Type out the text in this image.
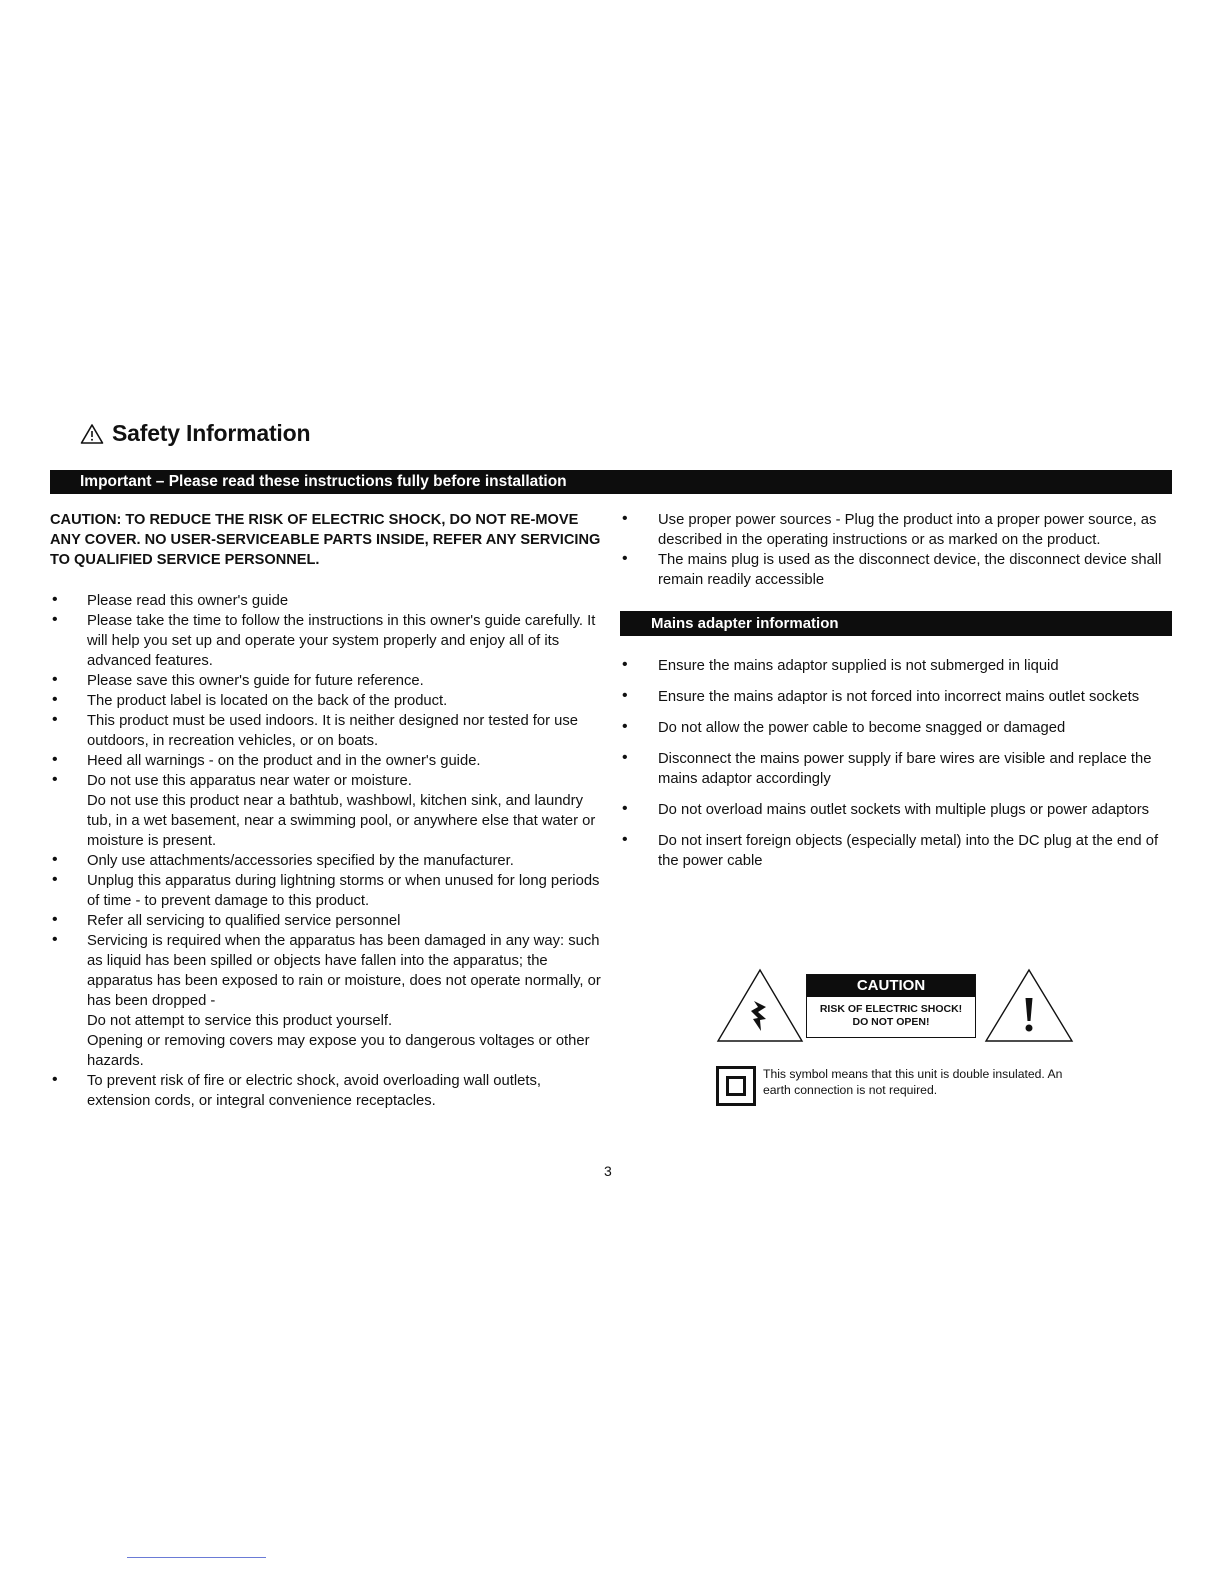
Safety Information
Important – Please read these instructions fully before installation

CAUTION: TO REDUCE THE RISK OF ELECTRIC SHOCK, DO NOT RE-MOVE ANY COVER. NO USER-SERVICEABLE PARTS INSIDE, REFER ANY SERVICING TO QUALIFIED SERVICE PERSONNEL.

• Please read this owner's guide
• Please take the time to follow the instructions in this owner's guide carefully. It will help you set up and operate your system properly and enjoy all of its advanced features.
• Please save this owner's guide for future reference.
• The product label is located on the back of the product.
• This product must be used indoors. It is neither designed nor tested for use outdoors, in recreation vehicles, or on boats.
• Heed all warnings - on the product and in the owner's guide.
• Do not use this apparatus near water or moisture.
Do not use this product near a bathtub, washbowl, kitchen sink, and laundry tub, in a wet basement, near a swimming pool, or anywhere else that water or moisture is present.
• Only use attachments/accessories specified by the manufacturer.
• Unplug this apparatus during lightning storms or when unused for long periods of time - to prevent damage to this product.
• Refer all servicing to qualified service personnel
• Servicing is required when the apparatus has been damaged in any way: such as liquid has been spilled or objects have fallen into the apparatus; the apparatus has been exposed to rain or moisture, does not operate normally, or has been dropped -
Do not attempt to service this product yourself.
Opening or removing covers may expose you to dangerous voltages or other hazards.
• To prevent risk of fire or electric shock, avoid overloading wall outlets, extension cords, or integral convenience receptacles.
• Use proper power sources - Plug the product into a proper power source, as described in the operating instructions or as marked on the product.
• The mains plug is used as the disconnect device, the disconnect device shall remain readily accessible
Mains adapter information
• Ensure the mains adaptor supplied is not submerged in liquid
• Ensure the mains adaptor is not forced into incorrect mains outlet sockets
• Do not allow the power cable to become snagged or damaged
• Disconnect the mains power supply if bare wires are visible and replace the mains adaptor accordingly
• Do not overload mains outlet sockets with multiple plugs or power adaptors
• Do not insert foreign objects (especially metal) into the DC plug at the end of the power cable
CAUTION
RISK OF ELECTRIC SHOCK!
DO NOT OPEN!

This symbol means that this unit is double insulated. An earth connection is not required.

3
